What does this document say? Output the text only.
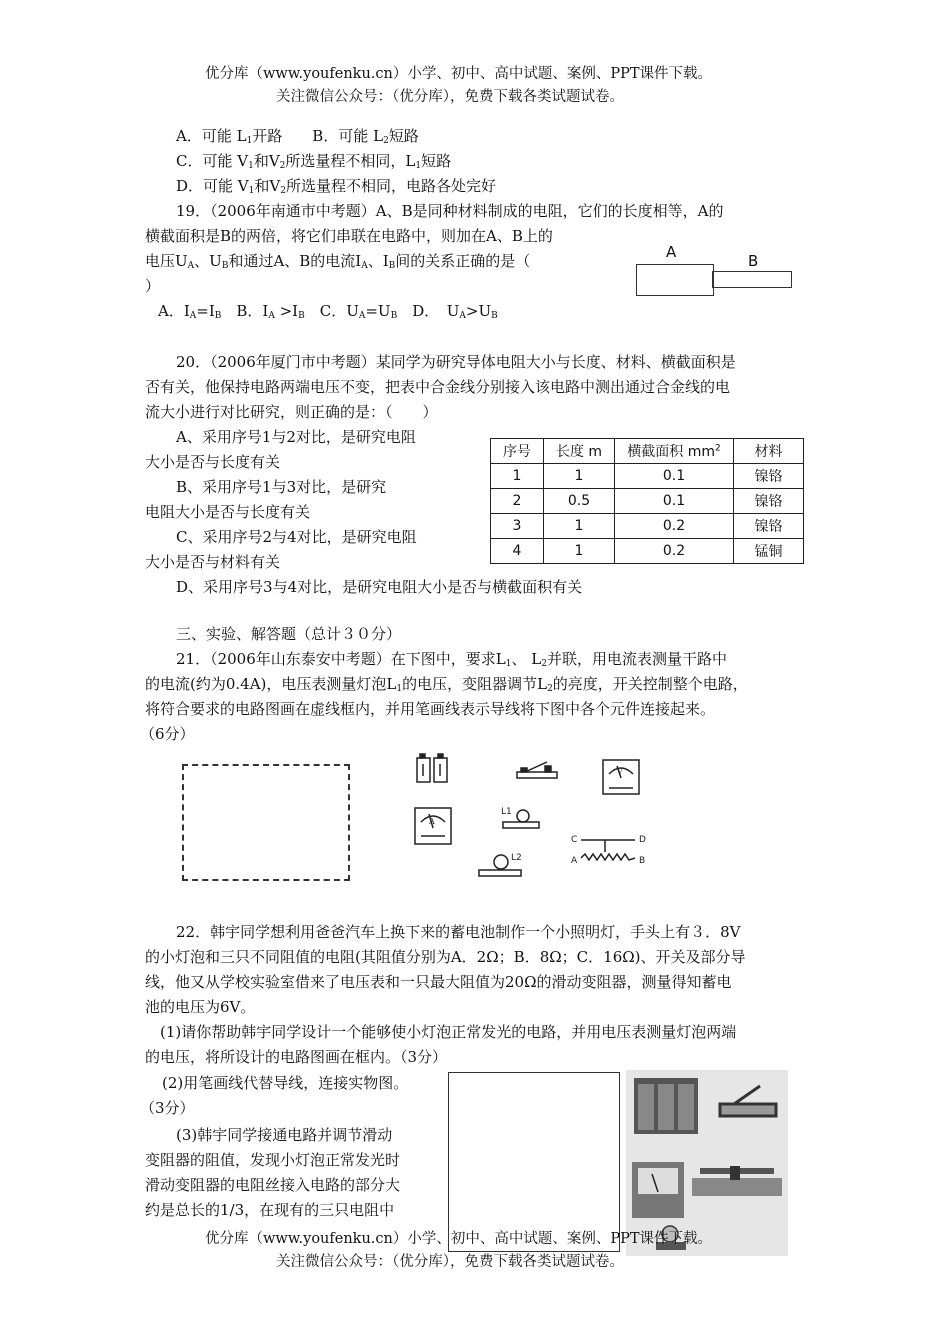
优分库（www.youfenku.cn）小学、初中、高中试题、案例、PPT课件下载。
关注微信公众号：（优分库），免费下载各类试题试卷。
A．可能 $L_1$开路　　B．可能 $L_2$短路
C．可能 $V_1$和$V_2$所选量程不相同，$L_1$短路
D．可能 $V_1$和$V_2$所选量程不相同，电路各处完好
19．（2006年南通市中考题）A、B是同种材料制成的电阻，它们的长度相等，A的
横截面积是B的两倍，将它们串联在电路中，则加在A、B上的
电压$U_A$、$U_B$和通过A、B的电流$I_A$、$I_B$间的关系正确的是（
）
A．$I_A=I_B$　B．$I_A >I_B$　C．$U_A=U_B$　D．　$U_A>U_B$
A	B
20．（2006年厦门市中考题）某同学为研究导体电阻大小与长度、材料、横截面积是
否有关，他保持电路两端电压不变，把表中合金线分别接入该电路中测出通过合金线的电
流大小进行对比研究，则正确的是：（　　）
A、采用序号1与2对比，是研究电阻
大小是否与长度有关
B、采用序号1与3对比，是研究
电阻大小是否与长度有关
C、采用序号2与4对比，是研究电阻
大小是否与材料有关
D、采用序号3与4对比，是研究电阻大小是否与横截面积有关
序号	长度 m	横截面积 $mm^2$	材料
1	1	0.1	镍铬
2	0.5	0.1	镍铬
3	1	0.2	镍铬
4	1	0.2	锰铜
三、实验、解答题（总计３０分）
21．（2006年山东泰安中考题）在下图中，要求$L_1$、 $L_2$并联，用电流表测量干路中
的电流(约为0.4A)，电压表测量灯泡$L_1$的电压，变阻器调节$L_2$的亮度，开关控制整个电路，
将符合要求的电路图画在虚线框内，并用笔画线表示导线将下图中各个元件连接起来。
（6分）
V
A
L1
L2
C	D
A	B
22．韩宇同学想利用爸爸汽车上换下来的蓄电池制作一个小照明灯，手头上有３．8V
的小灯泡和三只不同阻值的电阻(其阻值分别为A．2Ω；B．8Ω；C．16Ω)、开关及部分导
线，他又从学校实验室借来了电压表和一只最大阻值为20Ω的滑动变阻器，测量得知蓄电
池的电压为6V。
(1)请你帮助韩宇同学设计一个能够使小灯泡正常发光的电路，并用电压表测量灯泡两端
的电压，将所设计的电路图画在框内。（3分）
(2)用笔画线代替导线，连接实物图。
（3分）
(3)韩宇同学接通电路并调节滑动
变阻器的阻值，发现小灯泡正常发光时
滑动变阻器的电阻丝接入电路的部分大
约是总长的1/3，在现有的三只电阻中
优分库（www.youfenku.cn）小学、初中、高中试题、案例、PPT课件下载。
关注微信公众号：（优分库），免费下载各类试题试卷。
